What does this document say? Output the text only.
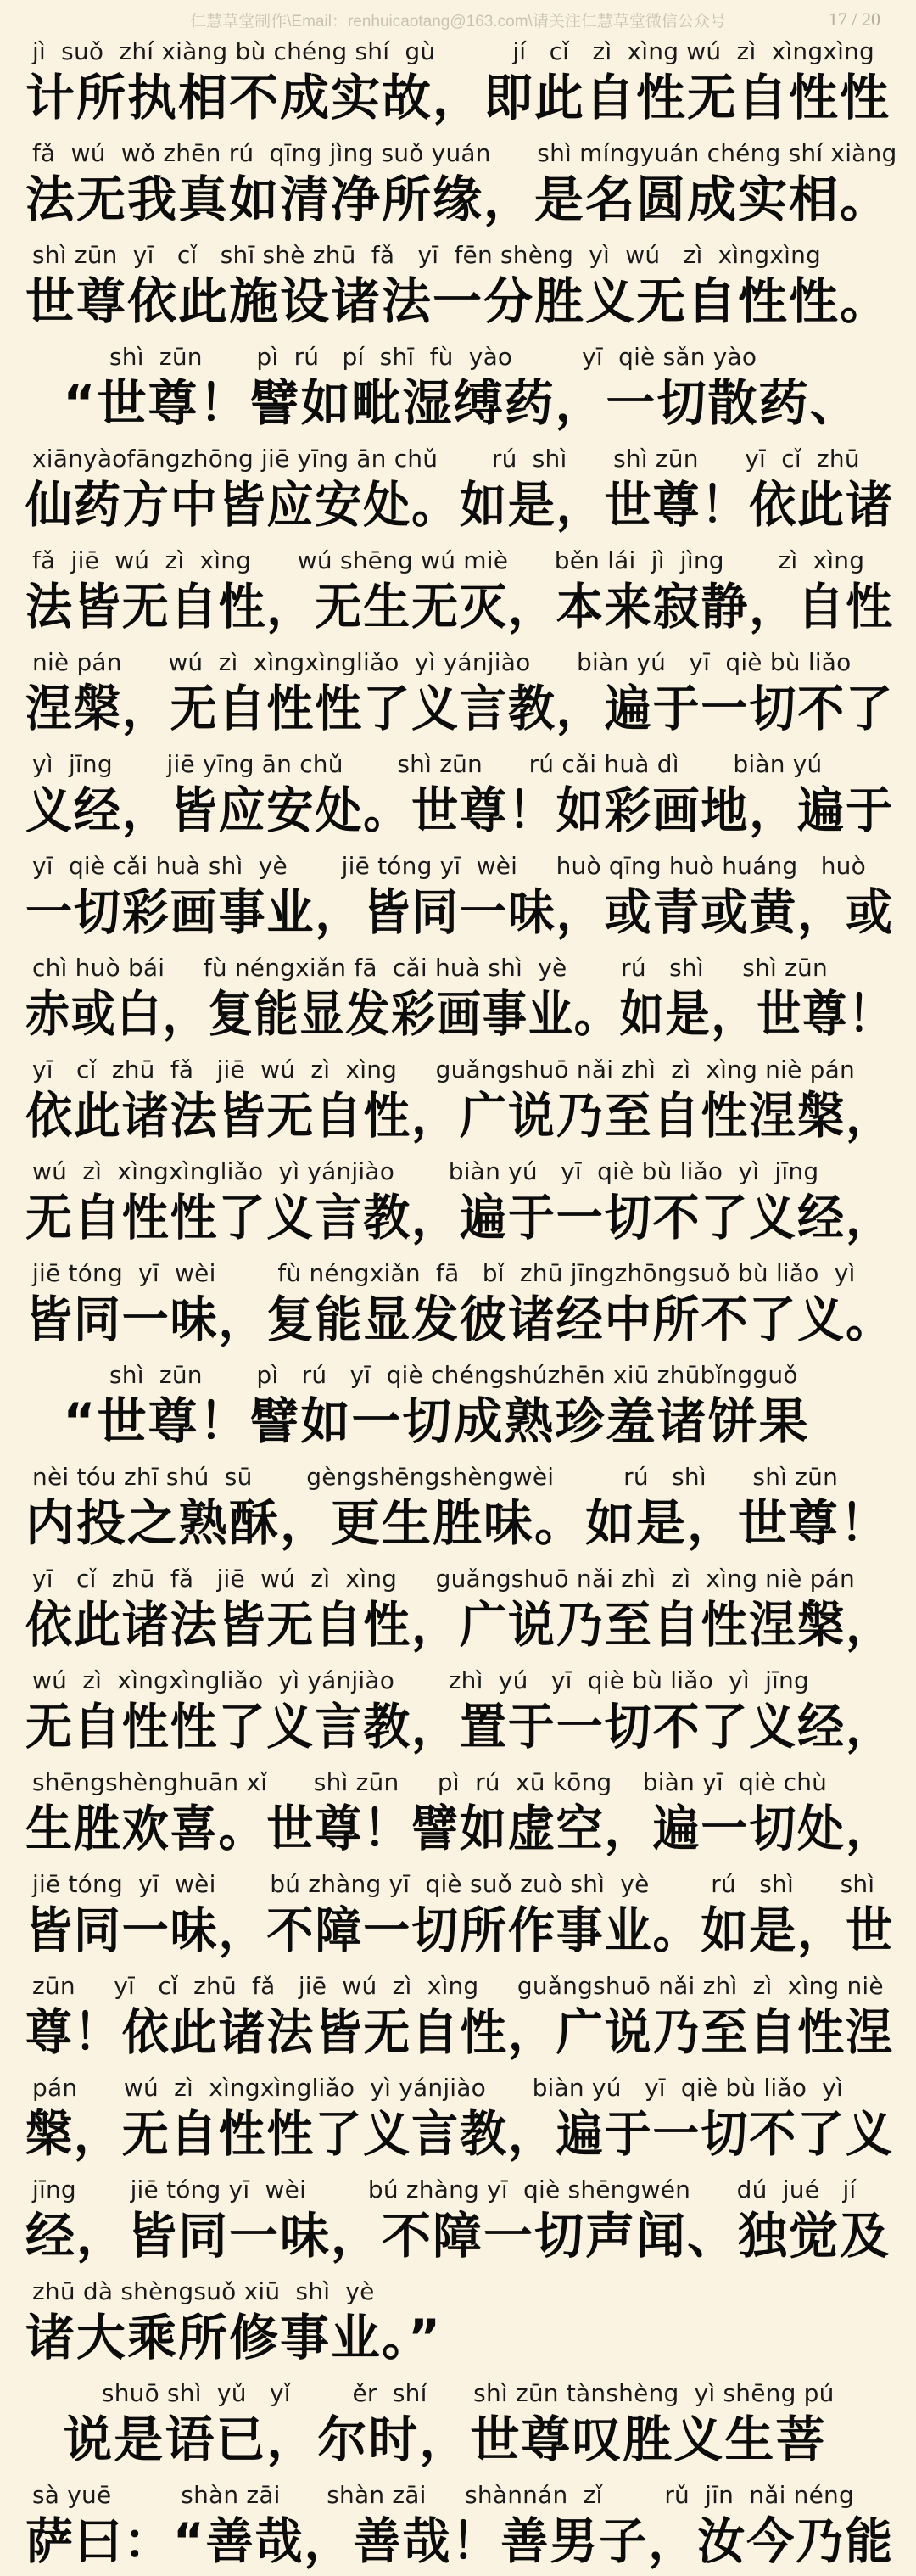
仁慧草堂制作\Email：renhuicaotang@163.com\请关注仁慧草堂微信公众号	17 / 20
jì  suǒ  zhí xiàng bù chéng shí  gù          jí   cǐ   zì  xìng wú  zì  xìngxìng
计所执相不成实故，即此自性无自性性
fǎ  wú  wǒ zhēn rú  qīng jìng suǒ yuán      shì míngyuán chéng shí xiàng
法无我真如清净所缘，是名圆成实相。
shì zūn  yī   cǐ   shī shè zhū  fǎ   yī  fēn shèng  yì  wú   zì  xìngxìng
世尊依此施设诸法一分胜义无自性性。
shì  zūn       pì  rú   pí  shī  fù  yào         yī  qiè sǎn yào
“世尊！譬如毗湿缚药，一切散药、
xiānyàofāngzhōng jiē yīng ān chǔ       rú  shì      shì zūn      yī  cǐ  zhū
仙药方中皆应安处。如是，世尊！依此诸
fǎ  jiē  wú  zì  xìng      wú shēng wú miè      běn lái  jì  jìng       zì  xìng
法皆无自性，无生无灭，本来寂静，自性
niè pán      wú  zì  xìngxìngliǎo  yì yánjiào      biàn yú   yī  qiè bù liǎo
涅槃，无自性性了义言教，遍于一切不了
yì  jīng       jiē yīng ān chǔ       shì zūn      rú cǎi huà dì       biàn yú
义经，皆应安处。世尊！如彩画地，遍于
yī  qiè cǎi huà shì  yè       jiē tóng yī  wèi     huò qīng huò huáng   huò
一切彩画事业，皆同一味，或青或黄，或
chì huò bái     fù néngxiǎn fā  cǎi huà shì  yè       rú   shì     shì zūn
赤或白，复能显发彩画事业。如是，世尊！
yī   cǐ  zhū  fǎ   jiē  wú  zì  xìng     guǎngshuō nǎi zhì  zì  xìng niè pán
依此诸法皆无自性，广说乃至自性涅槃，
wú  zì  xìngxìngliǎo  yì yánjiào       biàn yú   yī  qiè bù liǎo  yì  jīng
无自性性了义言教，遍于一切不了义经，
jiē tóng  yī  wèi        fù néngxiǎn  fā   bǐ  zhū jīngzhōngsuǒ bù liǎo  yì
皆同一味，复能显发彼诸经中所不了义。
shì  zūn       pì   rú   yī  qiè chéngshúzhēn xiū zhūbǐngguǒ
“世尊！譬如一切成熟珍羞诸饼果
nèi tóu zhī shú  sū       gèngshēngshèngwèi         rú   shì      shì zūn
内投之熟酥，更生胜味。如是，世尊！
yī   cǐ  zhū  fǎ   jiē  wú  zì  xìng     guǎngshuō nǎi zhì  zì  xìng niè pán
依此诸法皆无自性，广说乃至自性涅槃，
wú  zì  xìngxìngliǎo  yì yánjiào       zhì  yú   yī  qiè bù liǎo  yì  jīng
无自性性了义言教，置于一切不了义经，
shēngshènghuān xǐ      shì zūn     pì  rú  xū kōng    biàn yī  qiè chù
生胜欢喜。世尊！譬如虚空，遍一切处，
jiē tóng  yī  wèi       bú zhàng yī  qiè suǒ zuò shì  yè        rú   shì      shì
皆同一味，不障一切所作事业。如是，世
zūn     yī   cǐ  zhū  fǎ   jiē  wú  zì  xìng     guǎngshuō nǎi zhì  zì  xìng niè
尊！依此诸法皆无自性，广说乃至自性涅
pán      wú  zì  xìngxìngliǎo  yì yánjiào      biàn yú   yī  qiè bù liǎo  yì
槃，无自性性了义言教，遍于一切不了义
jīng       jiē tóng yī  wèi        bú zhàng yī  qiè shēngwén      dú  jué   jí
经，皆同一味，不障一切声闻、独觉及
zhū dà shèngsuǒ xiū  shì  yè
诸大乘所修事业。”
shuō shì  yǔ   yǐ        ěr  shí      shì zūn tànshèng  yì shēng pú
说是语已，尔时，世尊叹胜义生菩
sà yuē         shàn zāi      shàn zāi     shànnán  zǐ        rǔ  jīn  nǎi néng
萨曰：“善哉，善哉！善男子，汝今乃能
